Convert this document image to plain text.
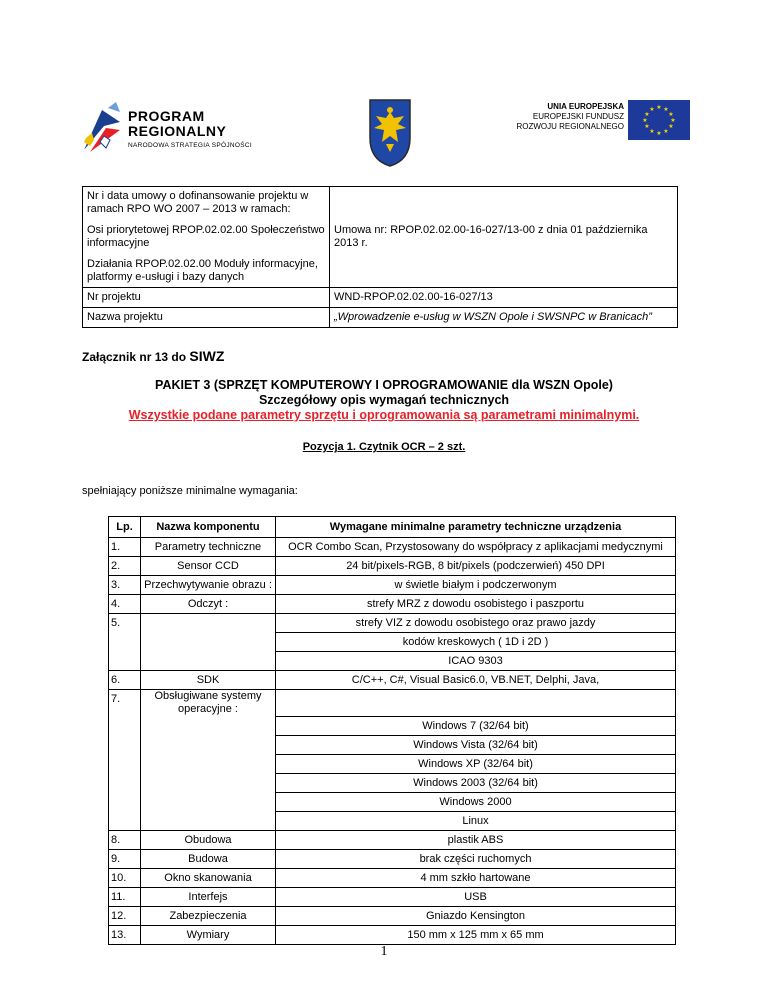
PROGRAM
REGIONALNY
NARODOWA STRATEGIA SPÓJNOŚCI
UNIA EUROPEJSKA
EUROPEJSKI FUNDUSZ
ROZWOJU REGIONALNEGO
★ ★
★
★
★
★
★
★
★
★
★
★

Nr i data umowy o dofinansowanie projektu w ramach RPO WO 2007 – 2013 w ramach:

Osi priorytetowej RPOP.02.02.00 Społeczeństwo informacyjne

Działania RPOP.02.02.00 Moduły informacyjne, platformy e-usługi i bazy danych	Umowa nr: RPOP.02.02.00-16-027/13-00 z dnia 01 października 2013 r.
Nr projektu	WND-RPOP.02.02.00-16-027/13
Nazwa projektu	„Wprowadzenie e-usług w WSZN Opole i SWSNPC w Branicach”
Załącznik nr 13 do SIWZ
PAKIET 3 (SPRZĘT KOMPUTEROWY I OPROGRAMOWANIE dla WSZN Opole)
Szczegółowy opis wymagań technicznych
Wszystkie podane parametry sprzętu i oprogramowania są parametrami minimalnymi.
Pozycja 1. Czytnik OCR – 2 szt.
spełniający poniższe minimalne wymagania:
Lp.	Nazwa komponentu	Wymagane minimalne parametry techniczne urządzenia
1.	Parametry techniczne	OCR Combo Scan, Przystosowany do współpracy z aplikacjami medycznymi
2.	Sensor CCD	24 bit/pixels-RGB, 8 bit/pixels (podczerwień) 450 DPI
3.	Przechwytywanie obrazu :	w świetle białym i podczerwonym
4.	Odczyt :	strefy MRZ z dowodu osobistego i paszportu
5.		strefy VIZ z dowodu osobistego oraz prawo jazdy
		kodów kreskowych ( 1D i 2D )
		ICAO 9303
6.	SDK	C/C++, C#, Visual Basic6.0, VB.NET, Delphi, Java,
7.	Obsługiwane systemy operacyjne :	
		Windows 7 (32/64 bit)
		Windows Vista (32/64 bit)
		Windows XP (32/64 bit)
		Windows 2003 (32/64 bit)
		Windows 2000
		Linux
8.	Obudowa	plastik ABS
9.	Budowa	brak części ruchomych
10.	Okno skanowania	4 mm szkło hartowane
11.	Interfejs	USB
12.	Zabezpieczenia	Gniazdo Kensington
13.	Wymiary	150 mm x 125 mm x 65 mm
1
